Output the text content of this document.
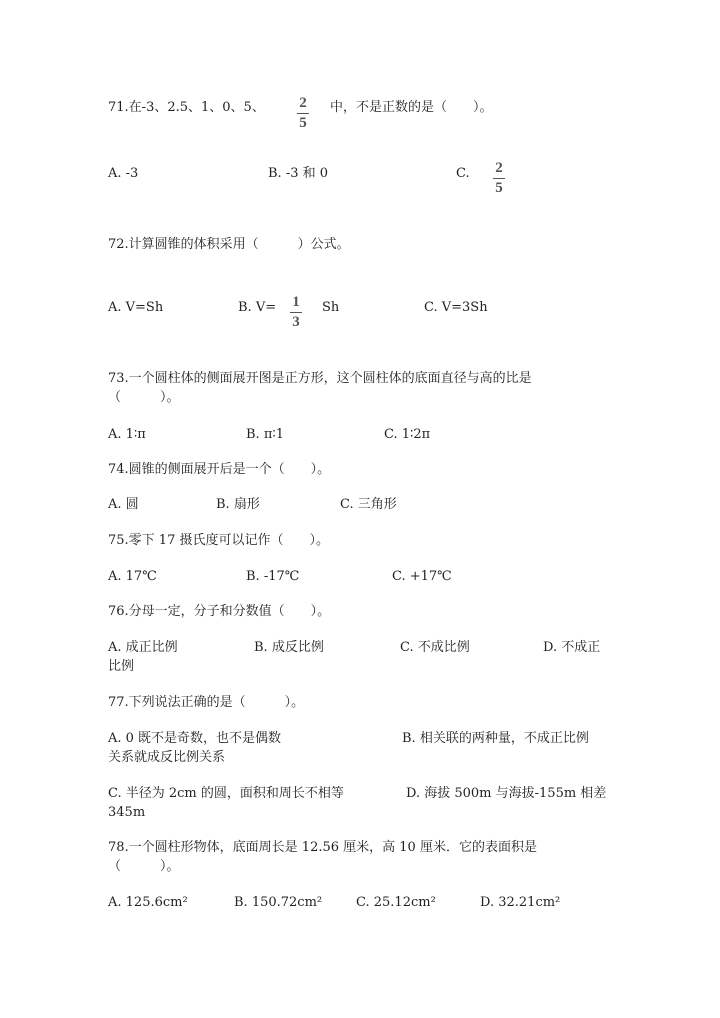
71.在-3、2.5、1、0、5、 2
5
中，不是正数的是（　　）。
A. -3	B. -3 和 0	C. 2
5
72.计算圆锥的体积采用（　　　）公式。
A. V=Sh	B. V= 1
3
Sh	C. V=3Sh
73.一个圆柱体的侧面展开图是正方形，这个圆柱体的底面直径与高的比是
（　　　）。
A. 1∶π	B. π∶1	C. 1∶2π
74.圆锥的侧面展开后是一个（　　）。
A. 圆	B. 扇形	C. 三角形
75.零下 17 摄氏度可以记作（　　）。
A. 17℃	B. -17℃	C. +17℃
76.分母一定，分子和分数值（　　）。
A. 成正比例	B. 成反比例	C. 不成比例	D. 不成正
比例
77.下列说法正确的是（　　　）。
A. 0 既不是奇数，也不是偶数	B. 相关联的两种量，不成正比例
关系就成反比例关系
C. 半径为 2cm 的圆，面积和周长不相等	D. 海拔 500m 与海拔-155m 相差
345m
78.一个圆柱形物体，底面周长是 12.56 厘米，高 10 厘米．它的表面积是
（　　　）。
A. 125.6cm²	B. 150.72cm²	C. 25.12cm²	D. 32.21cm²
